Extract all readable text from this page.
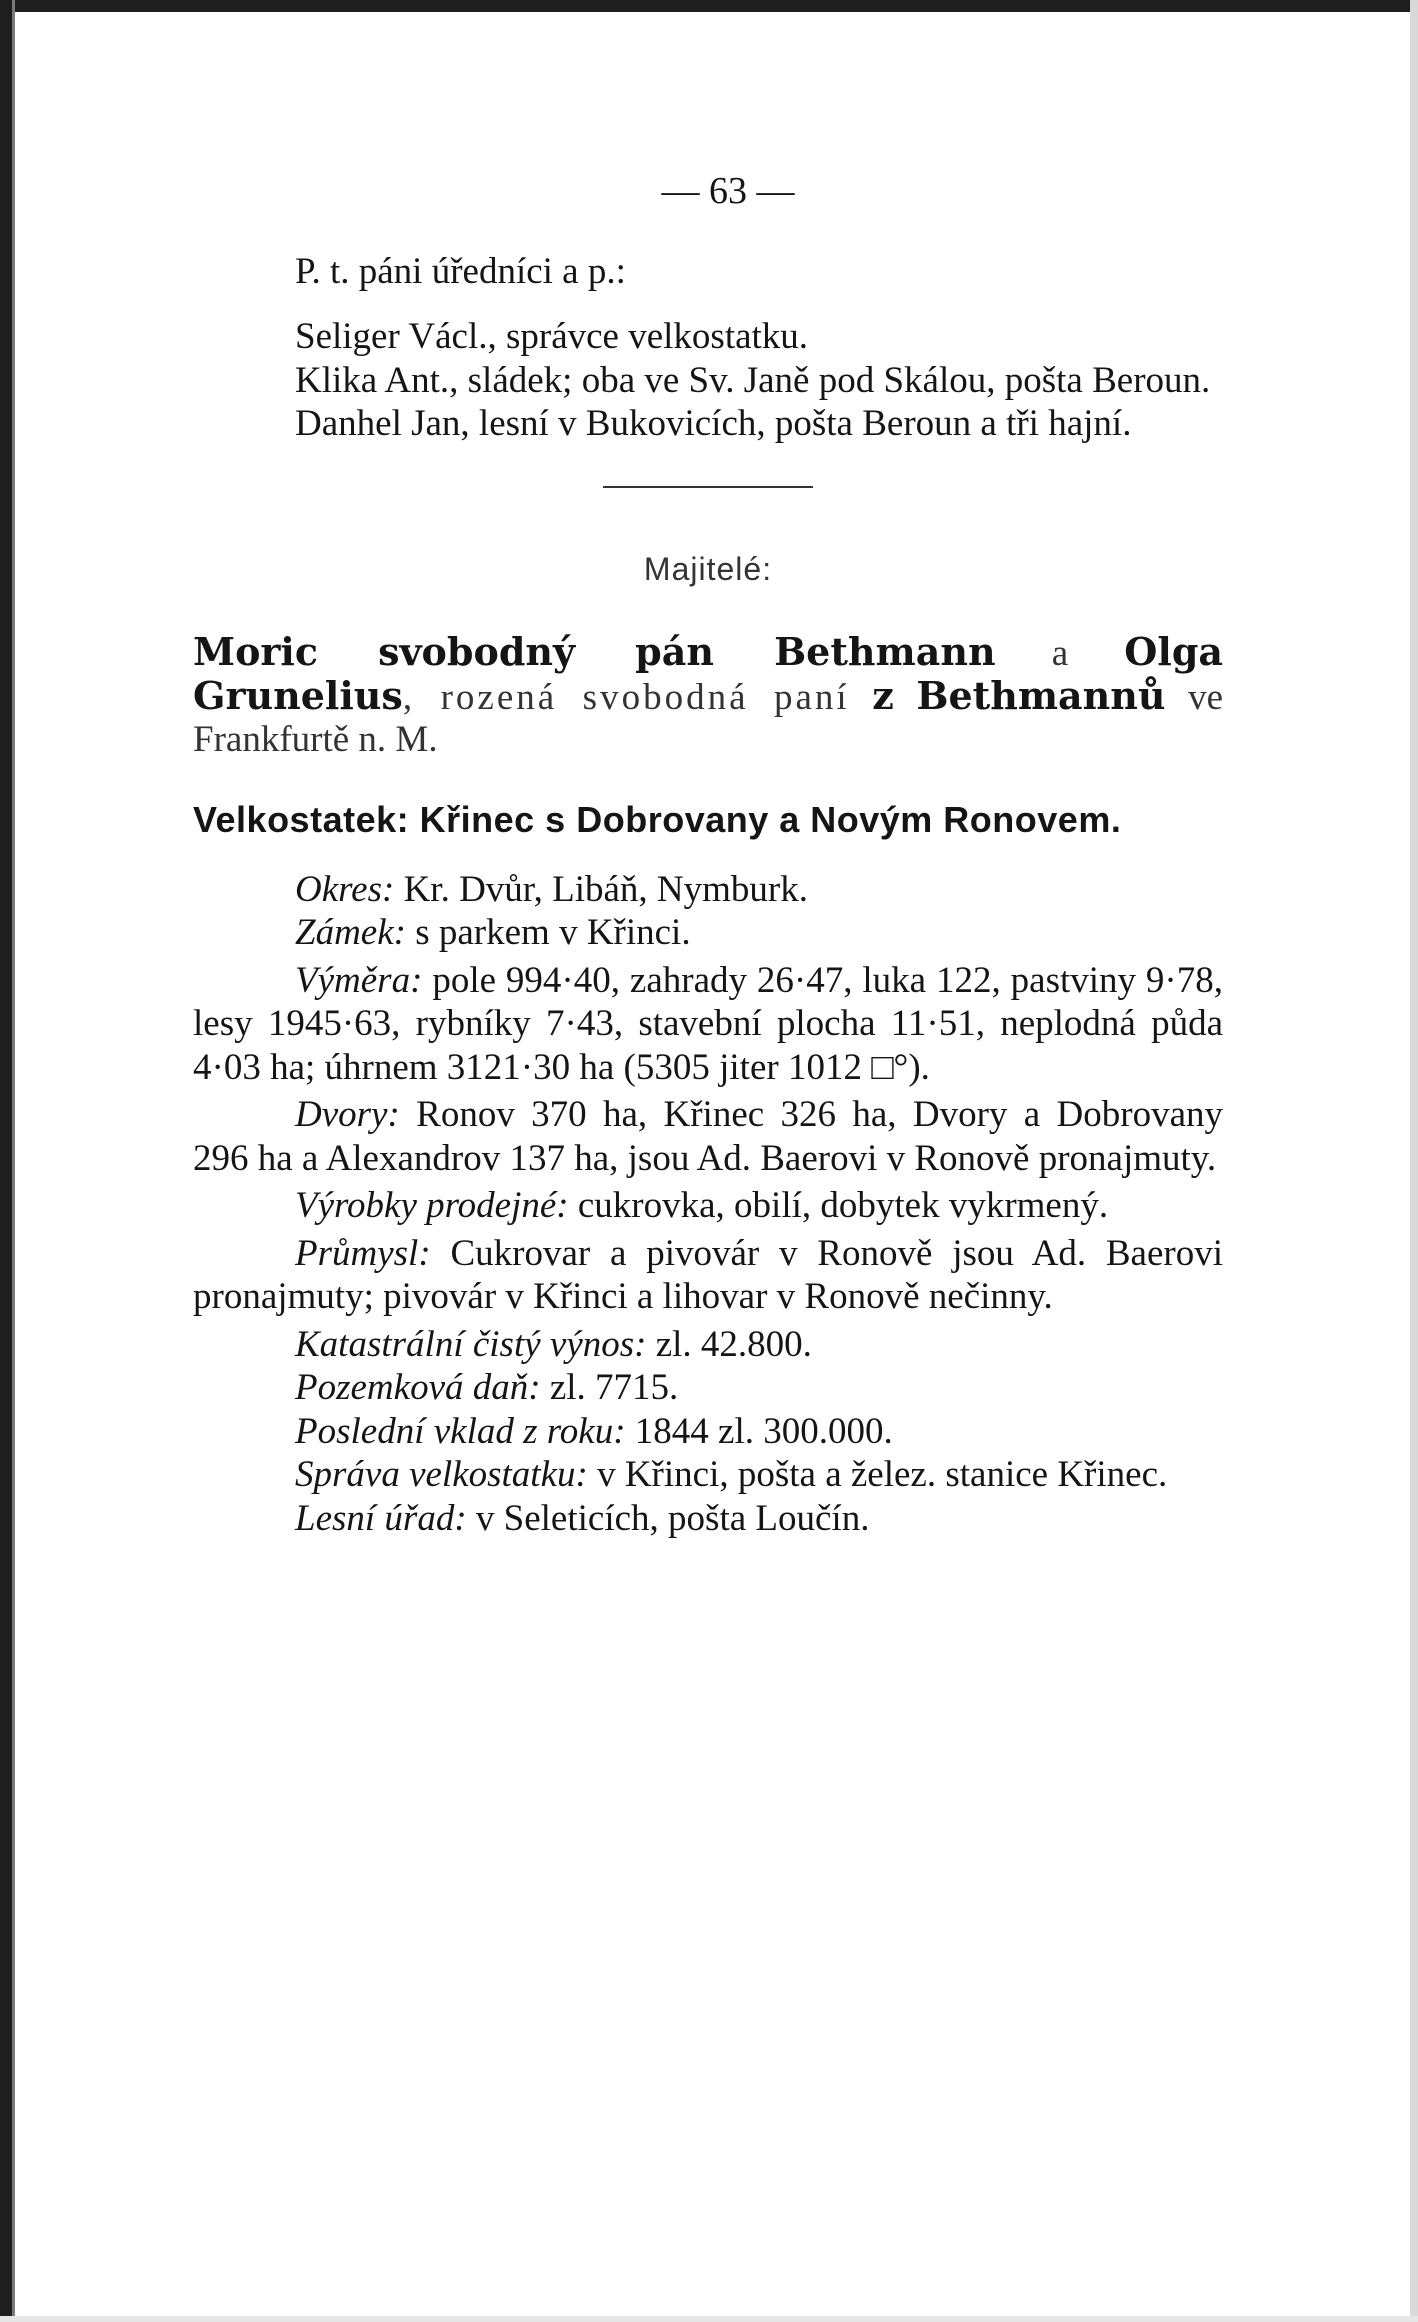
— 63 —

P. t. páni úředníci a p.:

Seliger Václ., správce velkostatku.

Klika Ant., sládek; oba ve Sv. Janě pod Skálou, pošta Beroun.

Danhel Jan, lesní v Bukovicích, pošta Beroun a tři hajní.

Majitelé:

Moric svobodný pán Bethmann a Olga Grunelius, rozená svobodná paní z Bethmannů ve Frankfurtě n. M.

Velkostatek: Křinec s Dobrovany a Novým Ronovem.

Okres: Kr. Dvůr, Libáň, Nymburk.

Zámek: s parkem v Křinci.

Výměra: pole 994·40, zahrady 26·47, luka 122, pastviny 9·78, lesy 1945·63, rybníky 7·43, stavební plocha 11·51, neplodná půda 4·03 ha; úhrnem 3121·30 ha (5305 jiter 1012 □°).

Dvory: Ronov 370 ha, Křinec 326 ha, Dvory a Dobrovany 296 ha a Alexandrov 137 ha, jsou Ad. Baerovi v Ronově pronajmuty.

Výrobky prodejné: cukrovka, obilí, dobytek vykrmený.

Průmysl: Cukrovar a pivovár v Ronově jsou Ad. Baerovi pronajmuty; pivovár v Křinci a lihovar v Ronově nečinny.

Katastrální čistý výnos: zl. 42.800.

Pozemková daň: zl. 7715.

Poslední vklad z roku: 1844 zl. 300.000.

Správa velkostatku: v Křinci, pošta a želez. stanice Křinec.

Lesní úřad: v Seleticích, pošta Loučín.
